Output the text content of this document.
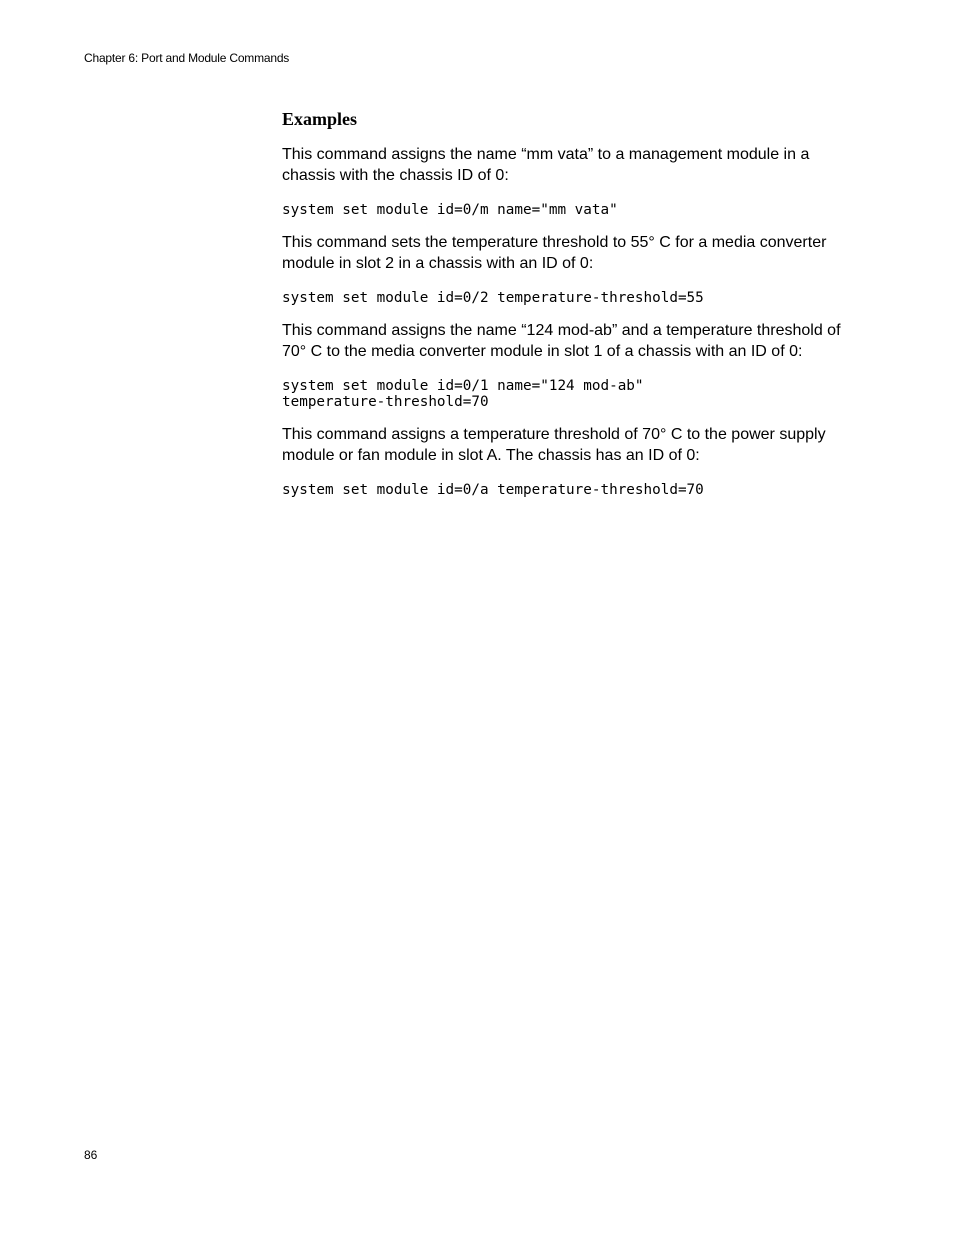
Chapter 6: Port and Module Commands
Examples

This command assigns the name “mm vata” to a management module in a chassis with the chassis ID of 0:

system set module id=0/m name="mm vata"

This command sets the temperature threshold to 55° C for a media converter module in slot 2 in a chassis with an ID of 0:

system set module id=0/2 temperature-threshold=55

This command assigns the name “124 mod-ab” and a temperature threshold of 70° C to the media converter module in slot 1 of a chassis with an ID of 0:

system set module id=0/1 name="124 mod-ab"
temperature-threshold=70

This command assigns a temperature threshold of 70° C to the power supply module or fan module in slot A. The chassis has an ID of 0:

system set module id=0/a temperature-threshold=70
86
